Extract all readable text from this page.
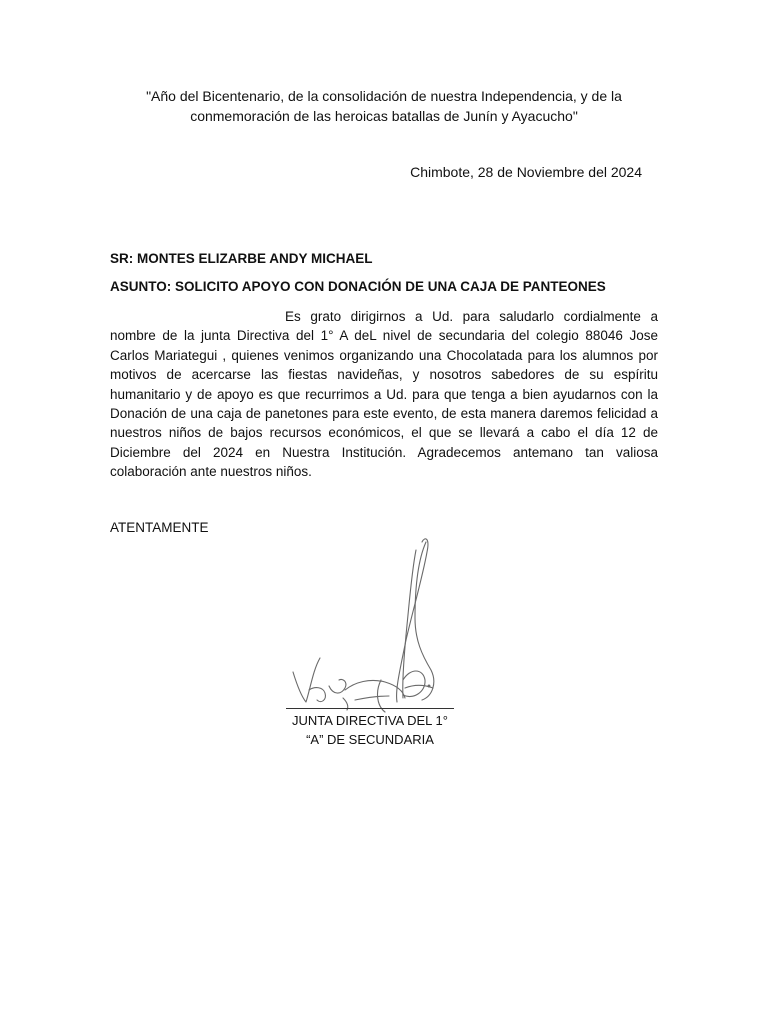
"Año del Bicentenario, de la consolidación de nuestra Independencia, y de la conmemoración de las heroicas batallas de Junín y Ayacucho"
Chimbote, 28 de Noviembre del 2024
SR: MONTES ELIZARBE ANDY MICHAEL
ASUNTO: SOLICITO APOYO CON DONACIÓN DE UNA CAJA DE PANTEONES
Es grato dirigirnos a Ud. para saludarlo cordialmente a nombre de la junta Directiva del 1° A deL nivel de secundaria del colegio 88046 Jose Carlos Mariategui , quienes venimos organizando una Chocolatada para los alumnos por motivos de acercarse las fiestas navideñas, y nosotros sabedores de su espíritu humanitario y de apoyo es que recurrimos a Ud. para que tenga a bien ayudarnos con la Donación de una caja de panetones para este evento, de esta manera daremos felicidad a nuestros niños de bajos recursos económicos, el que se llevará a cabo el día 12 de Diciembre del 2024 en Nuestra Institución. Agradecemos antemano tan valiosa colaboración ante nuestros niños.
ATENTAMENTE
JUNTA DIRECTIVA DEL 1°
“A” DE SECUNDARIA
